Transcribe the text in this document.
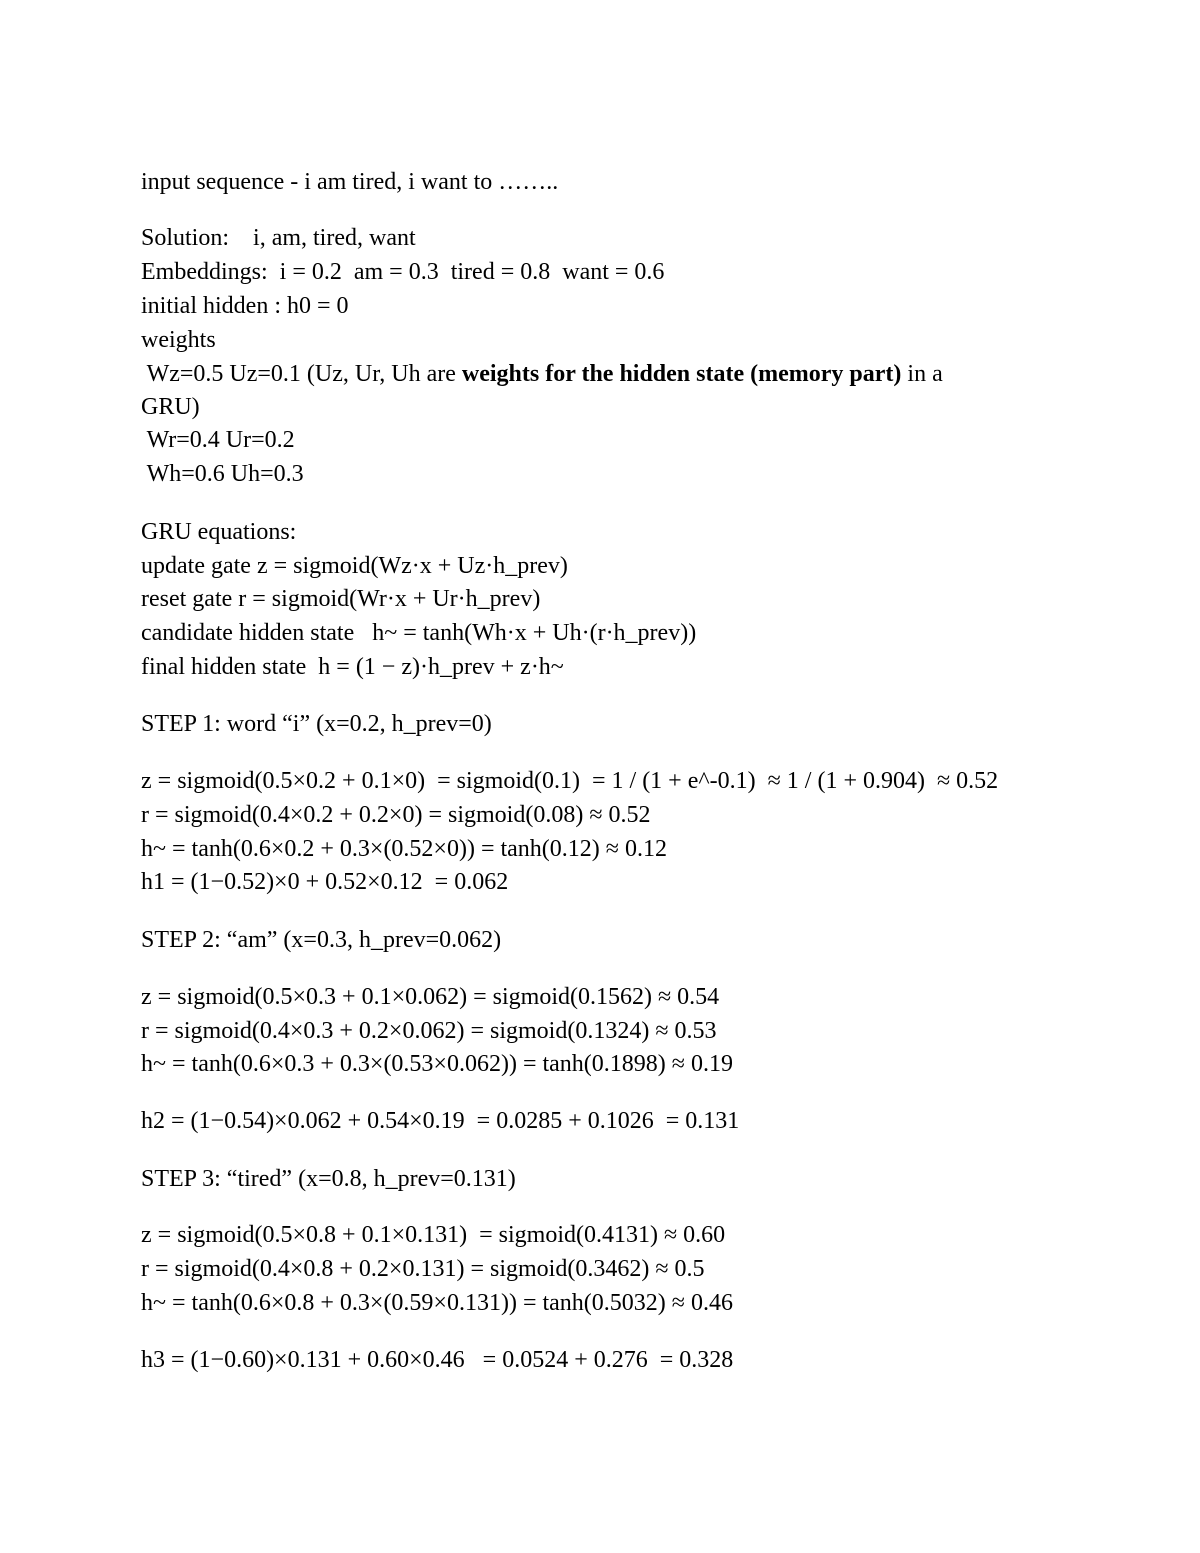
input sequence - i am tired, i want to ……..
Solution:    i, am, tired, want
Embeddings:  i = 0.2  am = 0.3  tired = 0.8  want = 0.6
initial hidden : h0 = 0
weights
Wz=0.5 Uz=0.1 (Uz, Ur, Uh are weights for the hidden state (memory part) in a
GRU)
Wr=0.4 Ur=0.2
Wh=0.6 Uh=0.3
GRU equations:
update gate z = sigmoid(Wz·x + Uz·h_prev)
reset gate r = sigmoid(Wr·x + Ur·h_prev)
candidate hidden state   h~ = tanh(Wh·x + Uh·(r·h_prev))
final hidden state  h = (1 − z)·h_prev + z·h~
STEP 1: word “i” (x=0.2, h_prev=0)
z = sigmoid(0.5×0.2 + 0.1×0)  = sigmoid(0.1)  = 1 / (1 + e^-0.1)  ≈ 1 / (1 + 0.904)  ≈ 0.52
r = sigmoid(0.4×0.2 + 0.2×0) = sigmoid(0.08) ≈ 0.52
h~ = tanh(0.6×0.2 + 0.3×(0.52×0)) = tanh(0.12) ≈ 0.12
h1 = (1−0.52)×0 + 0.52×0.12  = 0.062
STEP 2: “am” (x=0.3, h_prev=0.062)
z = sigmoid(0.5×0.3 + 0.1×0.062) = sigmoid(0.1562) ≈ 0.54
r = sigmoid(0.4×0.3 + 0.2×0.062) = sigmoid(0.1324) ≈ 0.53
h~ = tanh(0.6×0.3 + 0.3×(0.53×0.062)) = tanh(0.1898) ≈ 0.19
h2 = (1−0.54)×0.062 + 0.54×0.19  = 0.0285 + 0.1026  = 0.131
STEP 3: “tired” (x=0.8, h_prev=0.131)
z = sigmoid(0.5×0.8 + 0.1×0.131)  = sigmoid(0.4131) ≈ 0.60
r = sigmoid(0.4×0.8 + 0.2×0.131) = sigmoid(0.3462) ≈ 0.5
h~ = tanh(0.6×0.8 + 0.3×(0.59×0.131)) = tanh(0.5032) ≈ 0.46
h3 = (1−0.60)×0.131 + 0.60×0.46   = 0.0524 + 0.276  = 0.328
